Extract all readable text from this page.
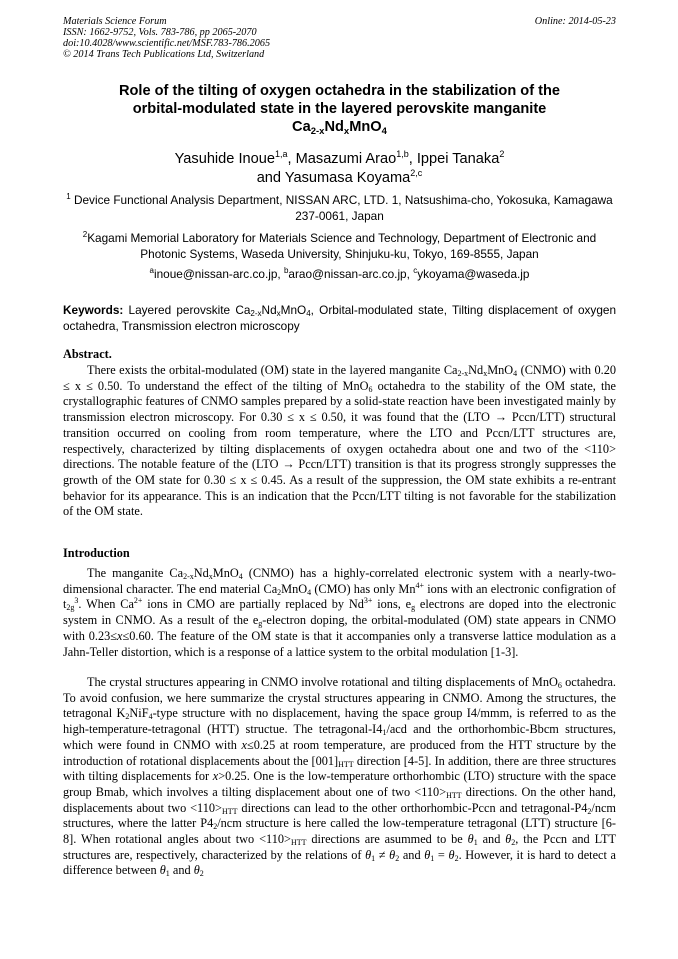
Materials Science Forum
ISSN: 1662-9752, Vols. 783-786, pp 2065-2070
doi:10.4028/www.scientific.net/MSF.783-786.2065
© 2014 Trans Tech Publications Ltd, Switzerland
Online: 2014-05-23
Role of the tilting of oxygen octahedra in the stabilization of the
orbital-modulated state in the layered perovskite manganite
$Ca_{2-x}Nd_xMnO_4$
Yasuhide Inoue$^{1,a}$, Masazumi Arao$^{1,b}$, Ippei Tanaka$^2$
and Yasumasa Koyama$^{2,c}$
$^1$ Device Functional Analysis Department, NISSAN ARC, LTD. 1, Natsushima-cho, Yokosuka, Kamagawa 237-0061, Japan
$^2$Kagami Memorial Laboratory for Materials Science and Technology, Department of Electronic and Photonic Systems, Waseda University, Shinjuku-ku, Tokyo, 169-8555, Japan
$^a$inoue@nissan-arc.co.jp, $^b$arao@nissan-arc.co.jp, $^c$ykoyama@waseda.jp
Keywords: Layered perovskite $Ca_{2-x}Nd_xMnO_4$, Orbital-modulated state, Tilting displacement of oxygen octahedra, Transmission electron microscopy
Abstract.
There exists the orbital-modulated (OM) state in the layered manganite $Ca_{2-x}Nd_xMnO_4$ (CNMO) with 0.20 ≤ x ≤ 0.50. To understand the effect of the tilting of MnO$_6$ octahedra to the stability of the OM state, the crystallographic features of CNMO samples prepared by a solid-state reaction have been investigated mainly by transmission electron microscopy. For 0.30 ≤ x ≤ 0.50, it was found that the (LTO → Pccn/LTT) structural transition occurred on cooling from room temperature, where the LTO and Pccn/LTT structures are, respectively, characterized by tilting displacements of oxygen octahedra about one and two of the <110> directions. The notable feature of the (LTO → Pccn/LTT) transition is that its progress strongly suppresses the growth of the OM state for 0.30 ≤ x ≤ 0.45. As a result of the suppression, the OM state exhibits a re-entrant behavior for its appearance. This is an indication that the Pccn/LTT tilting is not favorable for the stabilization of the OM state.
Introduction
The manganite $Ca_{2-x}Nd_xMnO_4$ (CNMO) has a highly-correlated electronic system with a nearly-two-dimensional character. The end material $Ca_2MnO_4$ (CMO) has only $Mn^{4+}$ ions with an electronic configration of $t_{2g}^3$. When $Ca^{2+}$ ions in CMO are partially replaced by $Nd^{3+}$ ions, $e_g$ electrons are doped into the electronic system in CNMO. As a result of the $e_g$-electron doping, the orbital-modulated (OM) state appears in CNMO with 0.23≤x≤0.60. The feature of the OM state is that it accompanies only a transverse lattice modulation as a Jahn-Teller distortion, which is a response of a lattice system to the orbital modulation [1-3].
The crystal structures appearing in CNMO involve rotational and tilting displacements of MnO$_6$ octahedra. To avoid confusion, we here summarize the crystal structures appearing in CNMO. Among the structures, the tetragonal $K_2NiF_4$-type structure with no displacement, having the space group I4/mmm, is referred to as the high-temperature-tetragonal (HTT) structue. The tetragonal-$I4_1$/acd and the orthorhombic-Bbcm structures, which were found in CNMO with x≤0.25 at room temperature, are produced from the HTT structure by the introduction of rotational displacements about the $[001]_{HTT}$ direction [4-5]. In addition, there are three structures with tilting displacements for x>0.25. One is the low-temperature orthorhombic (LTO) structure with the space group Bmab, which involves a tilting displacement about one of two $<110>_{HTT}$ directions. On the other hand, displacements about two $<110>_{HTT}$ directions can lead to the other orthorhombic-Pccn and tetragonal-$P4_2$/ncm structures, where the latter $P4_2$/ncm structure is here called the low-temperature tetragonal (LTT) structure [6-8]. When rotational angles about two $<110>_{HTT}$ directions are asummed to be $\theta_1$ and $\theta_2$, the Pccn and LTT structures are, respectively, characterized by the relations of $\theta_1 \ne \theta_2$ and $\theta_1 = \theta_2$. However, it is hard to detect a difference between $\theta_1$ and $\theta_2$
